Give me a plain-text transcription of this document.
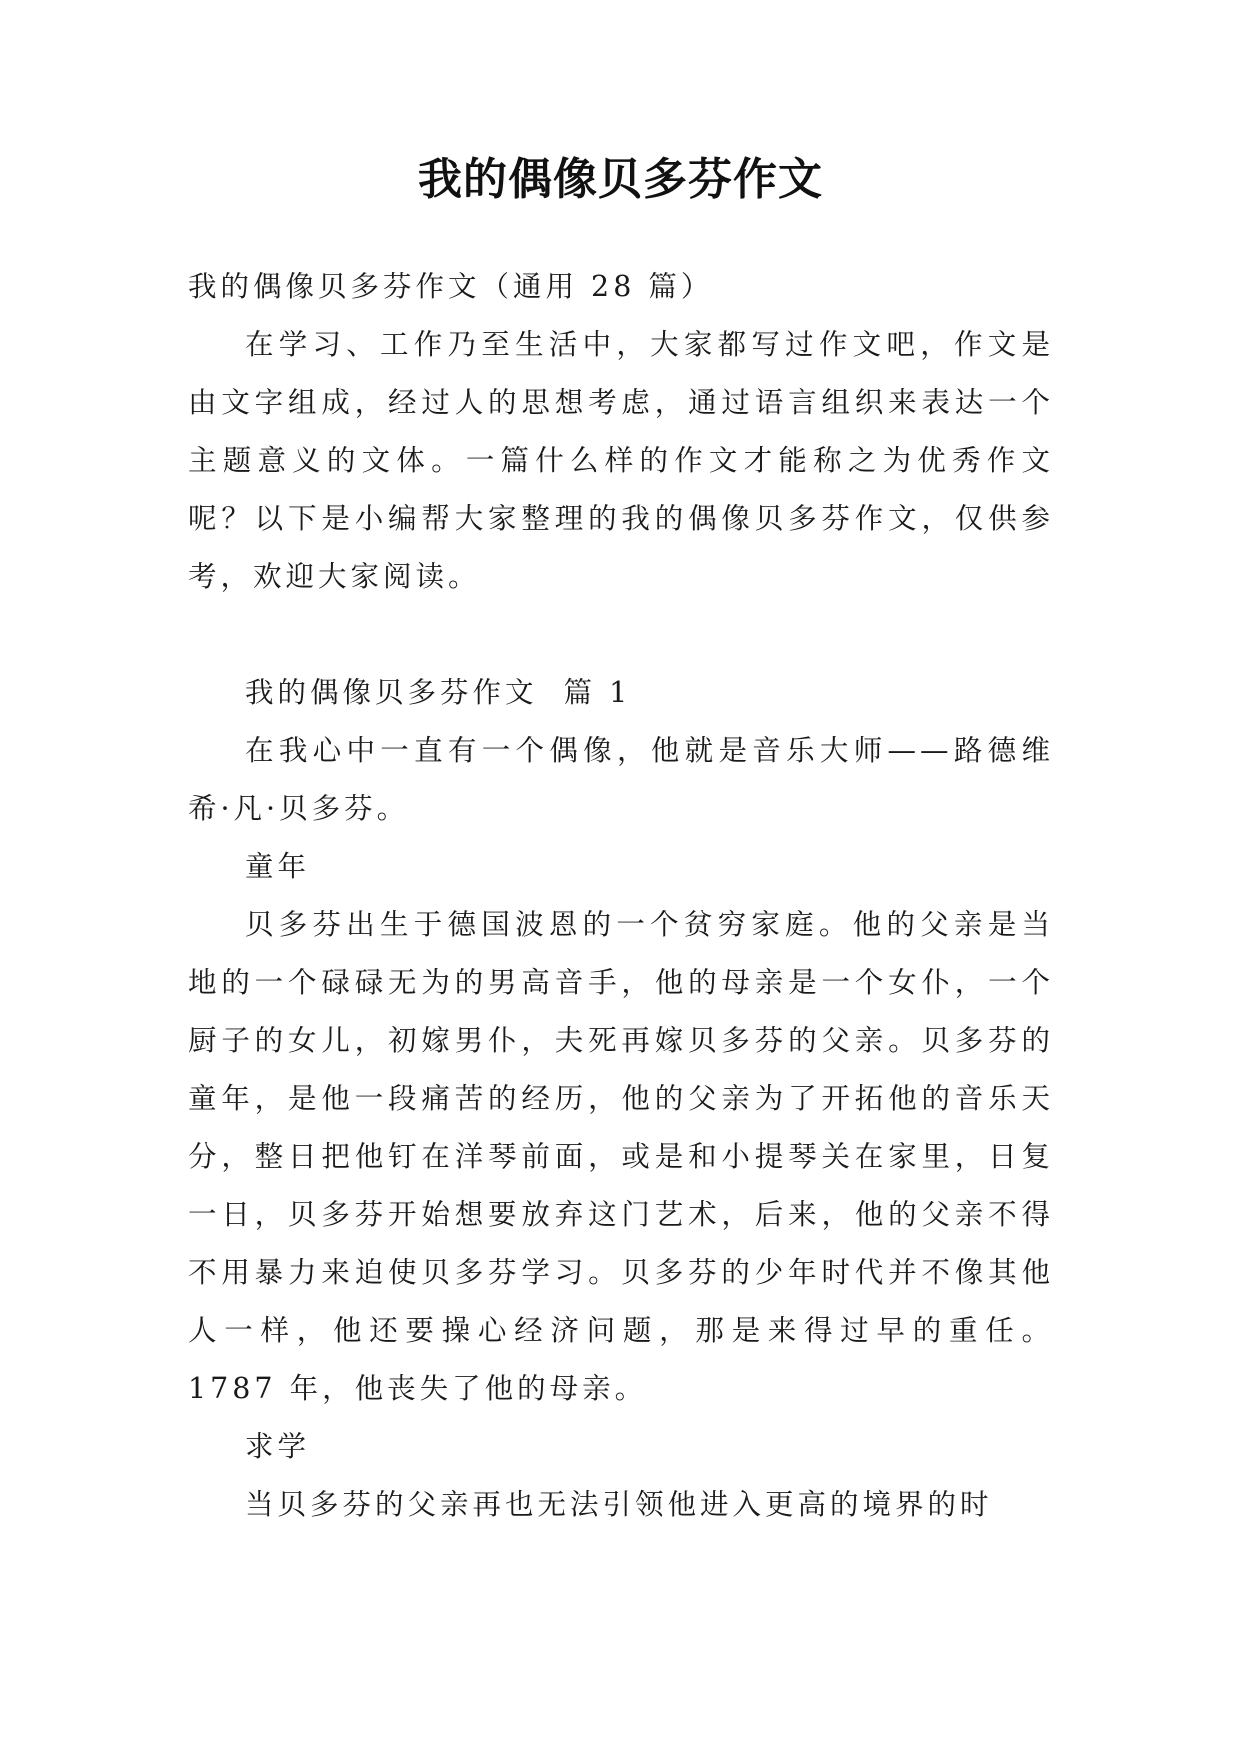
我的偶像贝多芬作文

我的偶像贝多芬作文（通用 28 篇）

在学习、工作乃至生活中，大家都写过作文吧，作文是由文字组成，经过人的思想考虑，通过语言组织来表达一个主题意义的文体。一篇什么样的作文才能称之为优秀作文呢？以下是小编帮大家整理的我的偶像贝多芬作文，仅供参考，欢迎大家阅读。

我的偶像贝多芬作文  篇 1

在我心中一直有一个偶像，他就是音乐大师——路德维希·凡·贝多芬。

童年

贝多芬出生于德国波恩的一个贫穷家庭。他的父亲是当地的一个碌碌无为的男高音手，他的母亲是一个女仆，一个厨子的女儿，初嫁男仆，夫死再嫁贝多芬的父亲。贝多芬的童年，是他一段痛苦的经历，他的父亲为了开拓他的音乐天分，整日把他钉在洋琴前面，或是和小提琴关在家里，日复一日，贝多芬开始想要放弃这门艺术，后来，他的父亲不得不用暴力来迫使贝多芬学习。贝多芬的少年时代并不像其他人一样，他还要操心经济问题，那是来得过早的重任。1787 年，他丧失了他的母亲。

求学

当贝多芬的父亲再也无法引领他进入更高的境界的时
